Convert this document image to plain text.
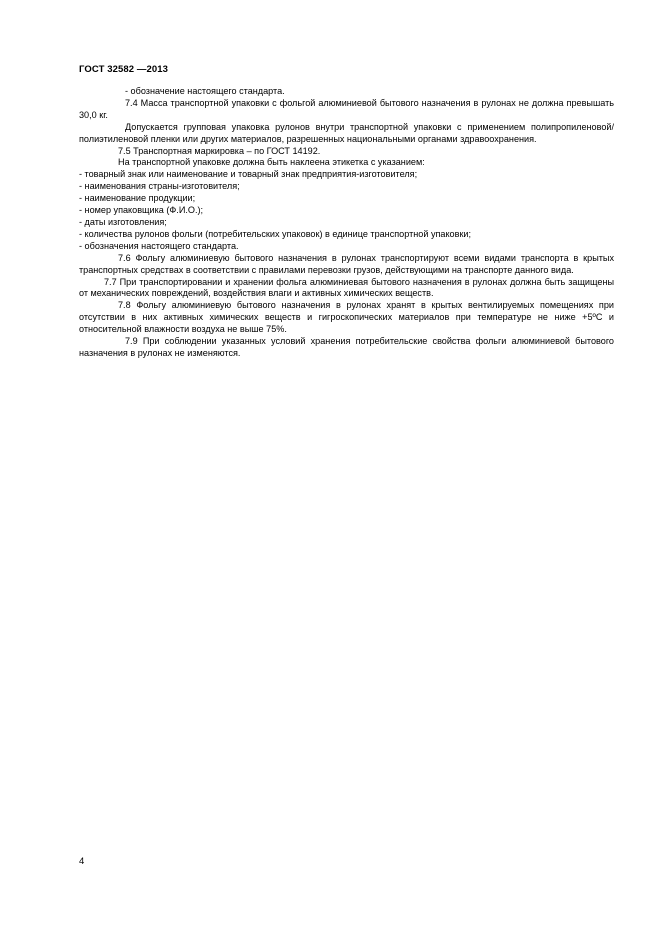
ГОСТ 32582 —2013

- обозначение настоящего стандарта.

7.4 Масса транспортной упаковки с фольгой алюминиевой бытового назначения в рулонах не должна превышать 30,0 кг.

Допускается групповая упаковка рулонов внутри транспортной упаковки с применением полипропиленовой/полиэтиленовой пленки или других материалов, разрешенных национальными органами здравоохранения.

7.5 Транспортная маркировка – по ГОСТ 14192.

На транспортной упаковке должна быть наклеена этикетка с указанием:

- товарный знак или наименование и товарный знак предприятия-изготовителя;

- наименования страны-изготовителя;

- наименование продукции;

- номер упаковщика (Ф.И.О.);

- даты изготовления;

- количества рулонов фольги (потребительских упаковок) в единице транспортной упаковки;

- обозначения настоящего стандарта.

7.6 Фольгу алюминиевую бытового назначения в рулонах транспортируют всеми видами транспорта в крытых транспортных средствах в соответствии с правилами перевозки грузов, действующими на транспорте данного вида.

7.7 При транспортировании и хранении фольга алюминиевая бытового назначения в рулонах должна быть защищены от механических повреждений, воздействия влаги и активных химических веществ.

7.8 Фольгу алюминиевую бытового назначения в рулонах хранят в крытых вентилируемых помещениях при отсутствии в них активных химических веществ и гигроскопических материалов при температуре не ниже +5ºС и относительной влажности воздуха не выше 75%.

7.9 При соблюдении указанных условий хранения потребительские свойства фольги алюминиевой бытового назначения в рулонах не изменяются.

4
